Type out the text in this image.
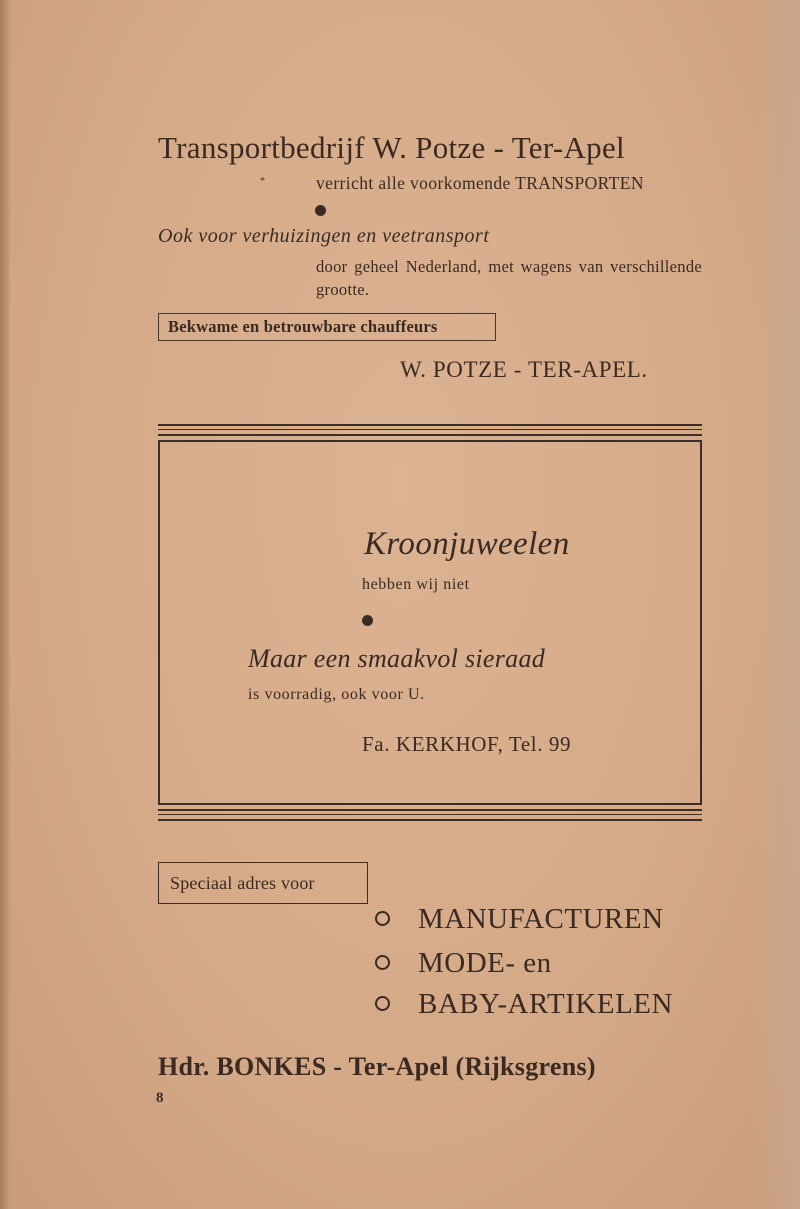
Transportbedrijf W. Potze - Ter-Apel
*	verricht alle voorkomende TRANSPORTEN
Ook voor verhuizingen en veetransport
door geheel Nederland, met wagens van verschillende grootte.
Bekwame en betrouwbare chauffeurs
W. POTZE - TER-APEL.
Kroonjuweelen
hebben wij niet
Maar een smaakvol sieraad
is voorradig, ook voor U.
Fa. KERKHOF, Tel. 99
Speciaal adres voor
MANUFACTUREN
MODE- en
BABY-ARTIKELEN
Hdr. BONKES - Ter-Apel (Rijksgrens)
8
